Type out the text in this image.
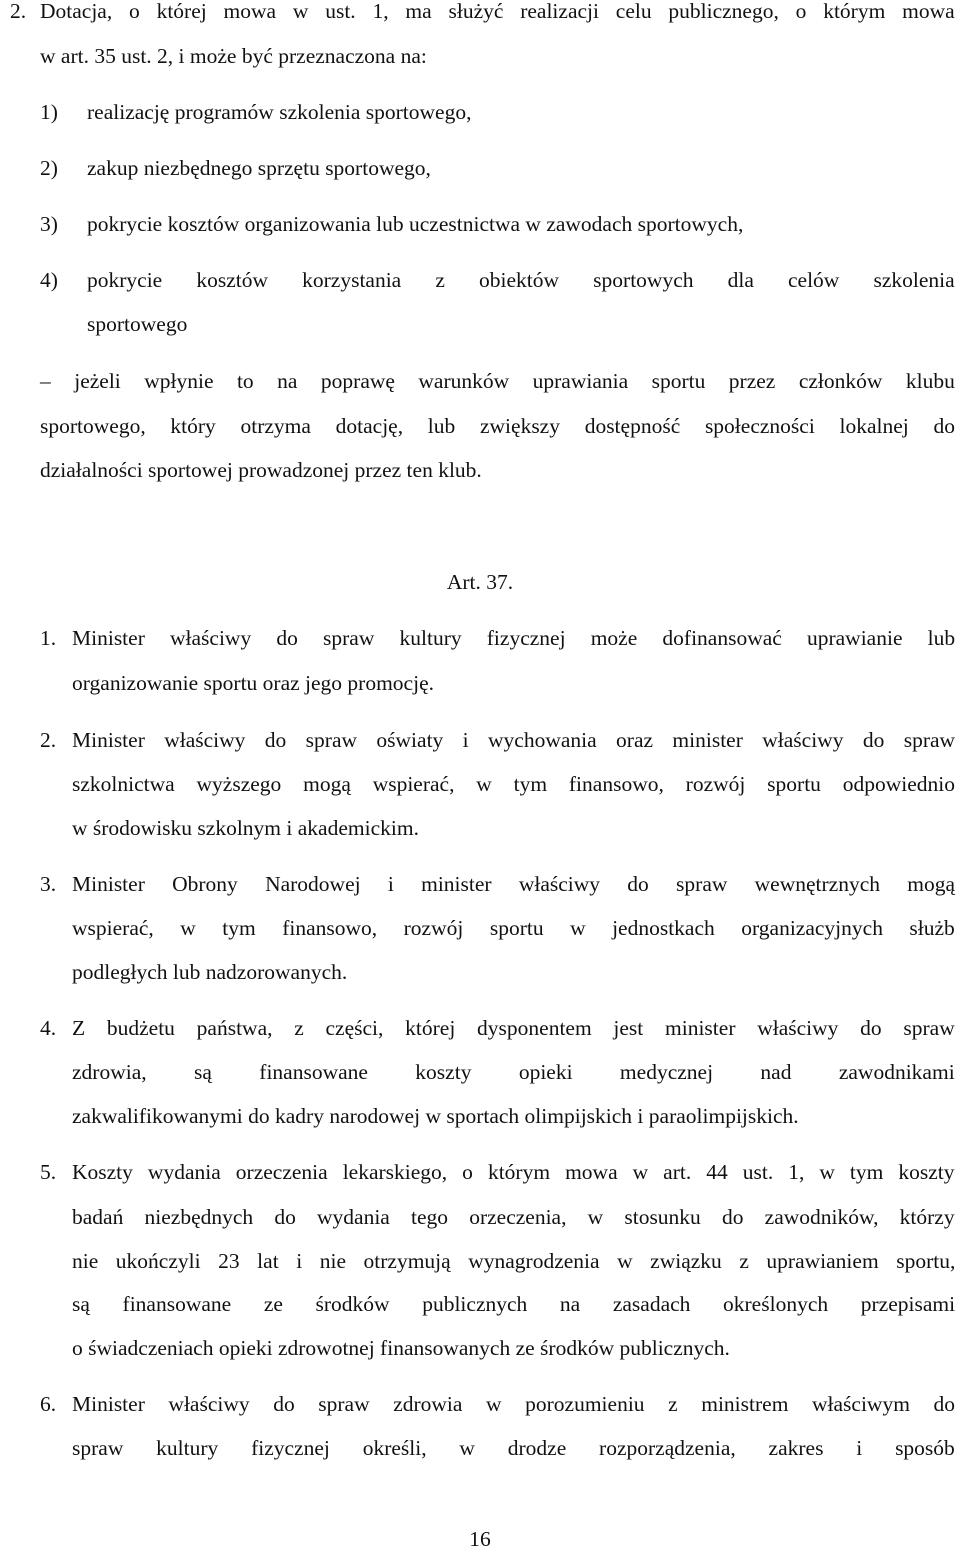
2. Dotacja, o której mowa w ust. 1, ma służyć realizacji celu publicznego, o którym mowa
w art. 35 ust. 2, i może być przeznaczona na:
1) realizację programów szkolenia sportowego,
2) zakup niezbędnego sprzętu sportowego,
3) pokrycie kosztów organizowania lub uczestnictwa w zawodach sportowych,
4) pokrycie kosztów korzystania z obiektów sportowych dla celów szkolenia
sportowego
– jeżeli wpłynie to na poprawę warunków uprawiania sportu przez członków klubu
sportowego, który otrzyma dotację, lub zwiększy dostępność społeczności lokalnej do
działalności sportowej prowadzonej przez ten klub.
Art. 37.
1. Minister właściwy do spraw kultury fizycznej może dofinansować uprawianie lub
organizowanie sportu oraz jego promocję.
2. Minister właściwy do spraw oświaty i wychowania oraz minister właściwy do spraw
szkolnictwa wyższego mogą wspierać, w tym finansowo, rozwój sportu odpowiednio
w środowisku szkolnym i akademickim.
3. Minister Obrony Narodowej i minister właściwy do spraw wewnętrznych mogą
wspierać, w tym finansowo, rozwój sportu w jednostkach organizacyjnych służb
podległych lub nadzorowanych.
4. Z budżetu państwa, z części, której dysponentem jest minister właściwy do spraw
zdrowia, są finansowane koszty opieki medycznej nad zawodnikami
zakwalifikowanymi do kadry narodowej w sportach olimpijskich i paraolimpijskich.
5. Koszty wydania orzeczenia lekarskiego, o którym mowa w art. 44 ust. 1, w tym koszty
badań niezbędnych do wydania tego orzeczenia, w stosunku do zawodników, którzy
nie ukończyli 23 lat i nie otrzymują wynagrodzenia w związku z uprawianiem sportu,
są finansowane ze środków publicznych na zasadach określonych przepisami
o świadczeniach opieki zdrowotnej finansowanych ze środków publicznych.
6. Minister właściwy do spraw zdrowia w porozumieniu z ministrem właściwym do
spraw kultury fizycznej określi, w drodze rozporządzenia, zakres i sposób
16
